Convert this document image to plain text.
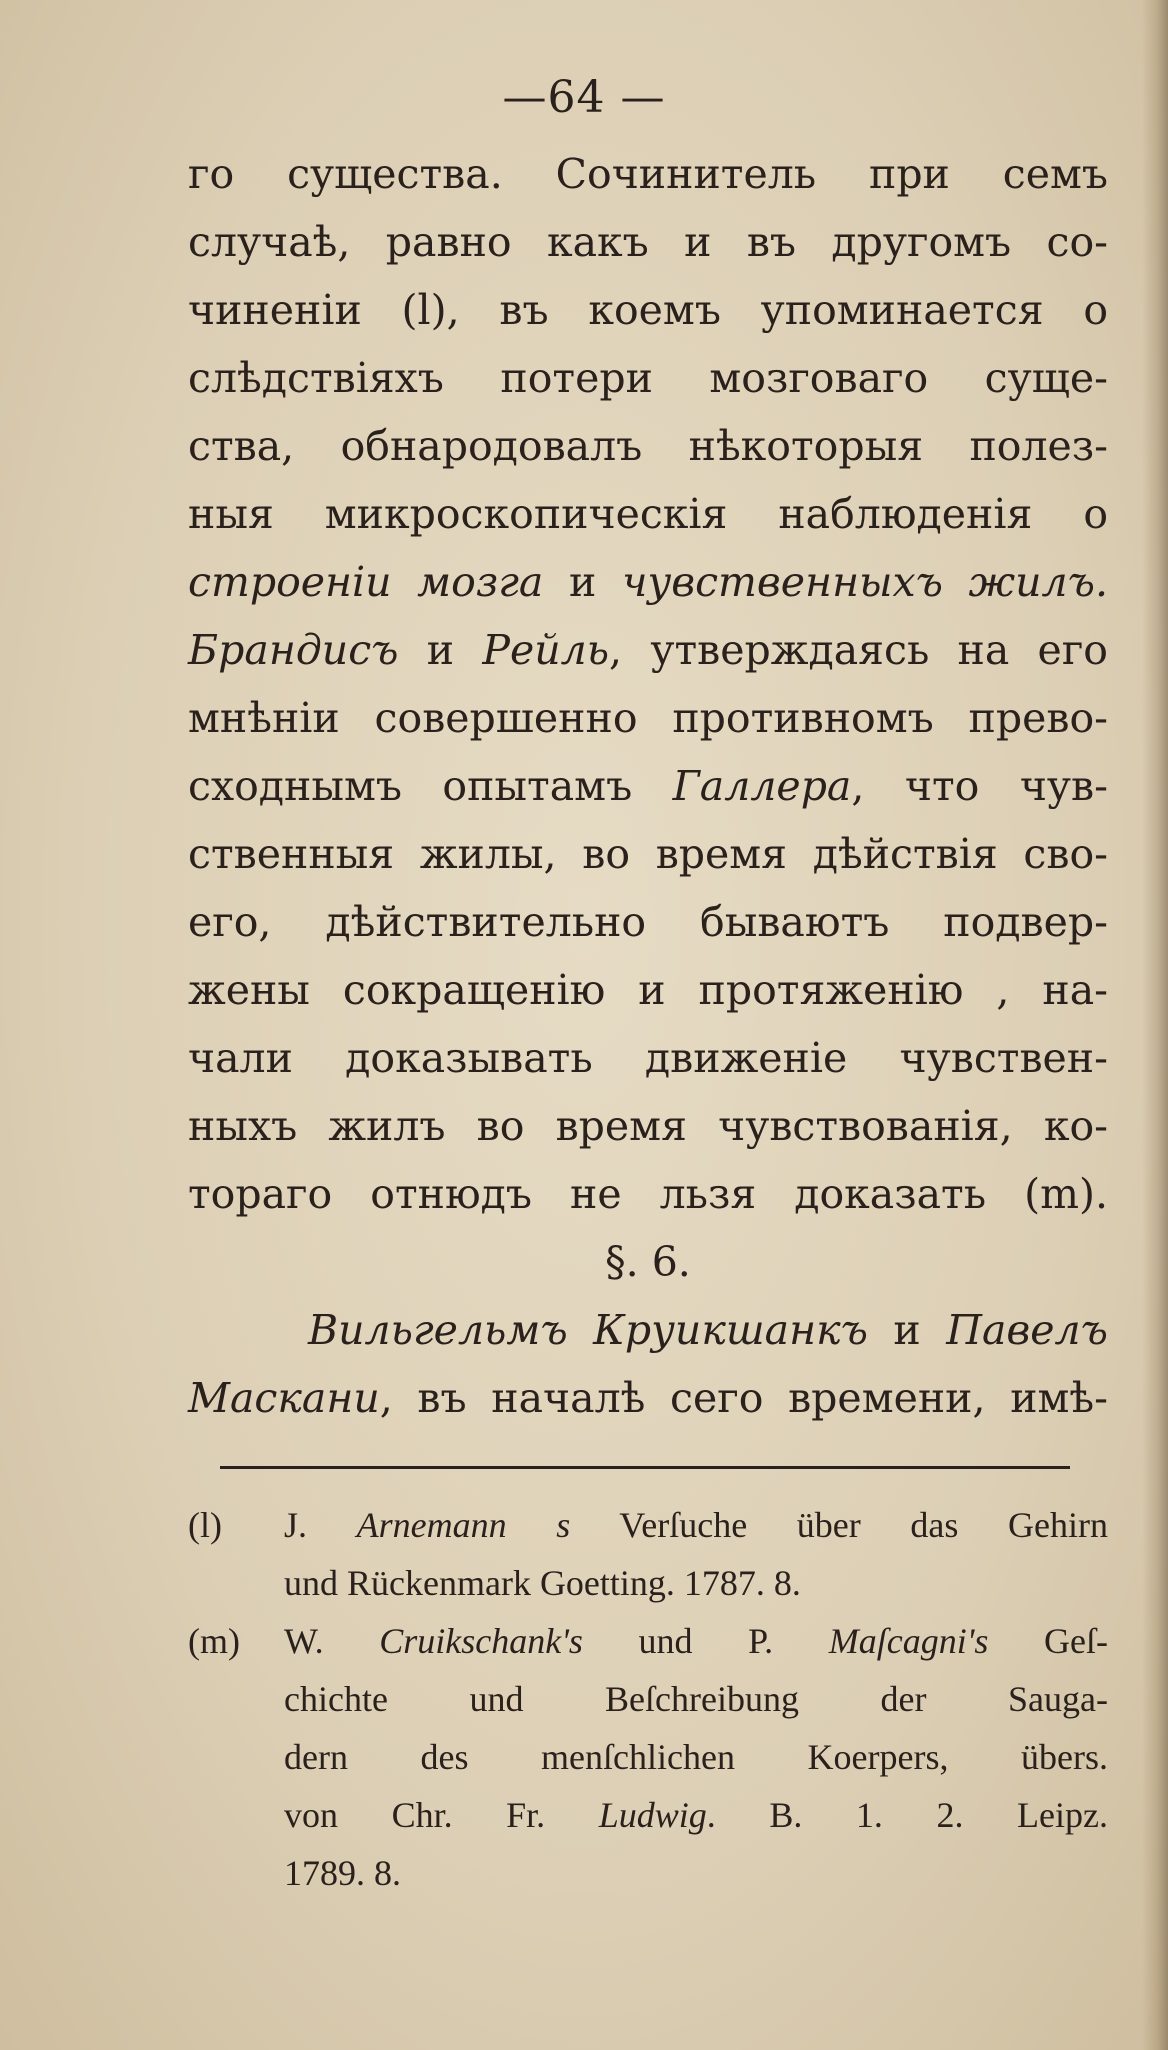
—64 —
го существа. Сочинитель при семъ
случаѣ, равно какъ и въ другомъ со-
чиненіи (l), въ коемъ упоминается о
слѣдствіяхъ потери мозговаго суще-
ства, обнародовалъ нѣкоторыя полез-
ныя микроскопическія наблюденія о
строеніи мозга и чувственныхъ жилъ.
Брандисъ и Рейль, утверждаясь на его
мнѣніи совершенно противномъ прево-
сходнымъ опытамъ Галлера, что чув-
ственныя жилы, во время дѣйствія сво-
его, дѣйствительно бываютъ подвер-
жены сокращенію и протяженію , на-
чали доказывать движеніе чувствен-
ныхъ жилъ во время чувствованія, ко-
тораго отнюдъ не льзя доказать (m).
§. 6.
Вильгельмъ Круикшанкъ и Павелъ
Маскани, въ началѣ сего времени, имѣ-
(l)	J. Arnemann s Verſuche über das Gehirn
und Rückenmark Goetting. 1787. 8.
(m)	W. Cruikschank's und P. Maſcagni's Geſ-
chichte und Beſchreibung der Sauga-
dern des menſchlichen Koerpers, übers.
von Chr. Fr. Ludwig. B. 1. 2. Leipz.
1789. 8.
